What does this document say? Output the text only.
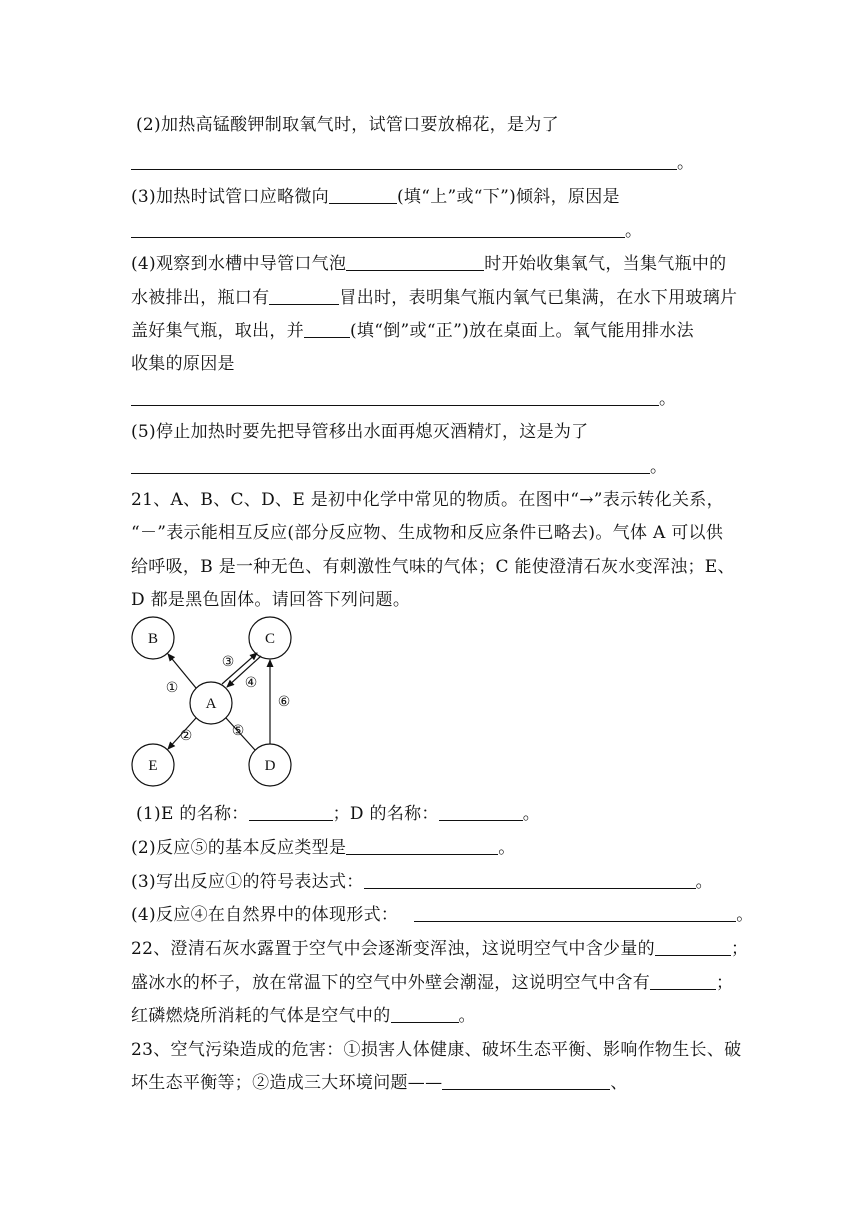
(2)加热高锰酸钾制取氧气时，试管口要放棉花，是为了
。
(3)加热时试管口应略微向	(填“上”或“下”)倾斜，原因是
。
(4)观察到水槽中导管口气泡	时开始收集氧气，当集气瓶中的
水被排出，瓶口有	冒出时，表明集气瓶内氧气已集满，在水下用玻璃片
盖好集气瓶，取出，并	(填“倒”或“正”)放在桌面上。氧气能用排水法
收集的原因是
。
(5)停止加热时要先把导管移出水面再熄灭酒精灯，这是为了
。
21、A、B、C、D、E 是初中化学中常见的物质。在图中“→”表示转化关系，
“－”表示能相互反应(部分反应物、生成物和反应条件已略去)。气体 A 可以供
给呼吸，B 是一种无色、有刺激性气味的气体；C 能使澄清石灰水变浑浊；E、
D 都是黑色固体。请回答下列问题。
B	C
A
E	D
①
②
③
④
⑤
⑥
(1)E 的名称：	；D 的名称：	。
(2)反应⑤的基本反应类型是	。
(3)写出反应①的符号表达式：	。
(4)反应④在自然界中的体现形式：	。
22、澄清石灰水露置于空气中会逐渐变浑浊，这说明空气中含少量的	；
盛冰水的杯子，放在常温下的空气中外壁会潮湿，这说明空气中含有	；
红磷燃烧所消耗的气体是空气中的	。
23、空气污染造成的危害：①损害人体健康、破坏生态平衡、影响作物生长、破
坏生态平衡等；②造成三大环境问题——	、
